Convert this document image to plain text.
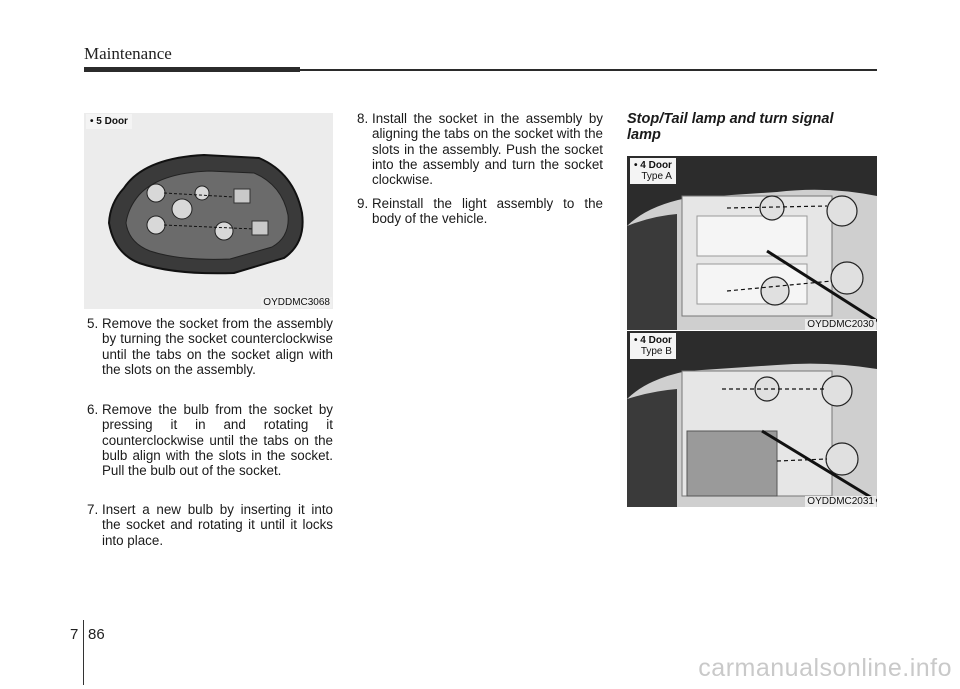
Maintenance
• 5 Door
OYDDMC3068
• 4 Door
Type A
OYDDMC2030
• 4 Door
Type B
OYDDMC2031
5. Remove the socket from the assembly by turning the socket counterclockwise until the tabs on the socket align with the slots on the assembly.
6. Remove the bulb from the socket by pressing it in and rotating it counterclockwise until the tabs on the bulb align with the slots in the socket. Pull the bulb out of the socket.
7. Insert a new bulb by inserting it into the socket and rotating it until it locks into place.
8. Install the socket in the assembly by aligning the tabs on the socket with the slots in the assembly. Push the socket into the assembly and turn the socket clockwise.
9. Reinstall the light assembly to the body of the vehicle.
Stop/Tail lamp and turn signal lamp
7 86
carmanualsonline.info
